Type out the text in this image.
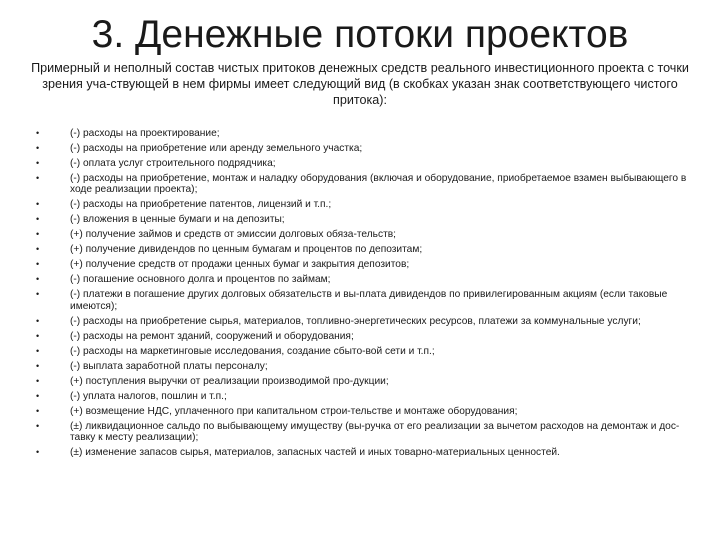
3. Денежные потоки проектов
Примерный и неполный состав чистых притоков денежных средств реального инвестиционного проекта с точки зрения уча-ствующей в нем фирмы имеет следующий вид (в скобках указан знак соответствующего чистого притока):
•	(-) расходы на проектирование;
•	(-) расходы на приобретение или аренду земельного участка;
•	(-) оплата услуг строительного подрядчика;
•	(-) расходы на приобретение, монтаж и наладку оборудования (включая и оборудование, приобретаемое взамен выбывающего в ходе реализации проекта);
•	(-) расходы на приобретение патентов, лицензий и т.п.;
•	(-) вложения в ценные бумаги и на депозиты;
•	(+) получение займов и средств от эмиссии долговых обяза-тельств;
•	(+) получение дивидендов по ценным бумагам и процентов по депозитам;
•	(+) получение средств от продажи ценных бумаг и закрытия депозитов;
•	(-) погашение основного долга и процентов по займам;
•	(-) платежи в погашение других долговых обязательств и вы-плата дивидендов по привилегированным акциям (если таковые имеются);
•	(-) расходы на приобретение сырья, материалов, топливно-энергетических ресурсов, платежи за коммунальные услуги;
•	(-) расходы на ремонт зданий, сооружений и оборудования;
•	(-) расходы на маркетинговые исследования, создание сбыто-вой сети и т.п.;
•	(-) выплата заработной платы персоналу;
•	(+) поступления выручки от реализации производимой про-дукции;
•	(-) уплата налогов, пошлин и т.п.;
•	(+) возмещение НДС, уплаченного при капитальном строи-тельстве и монтаже оборудования;
•	(±) ликвидационное сальдо по выбывающему имуществу (вы-ручка от его реализации за вычетом расходов на демонтаж и дос-тавку к месту реализации);
•	(±) изменение запасов сырья, материалов, запасных частей и иных товарно-материальных ценностей.
